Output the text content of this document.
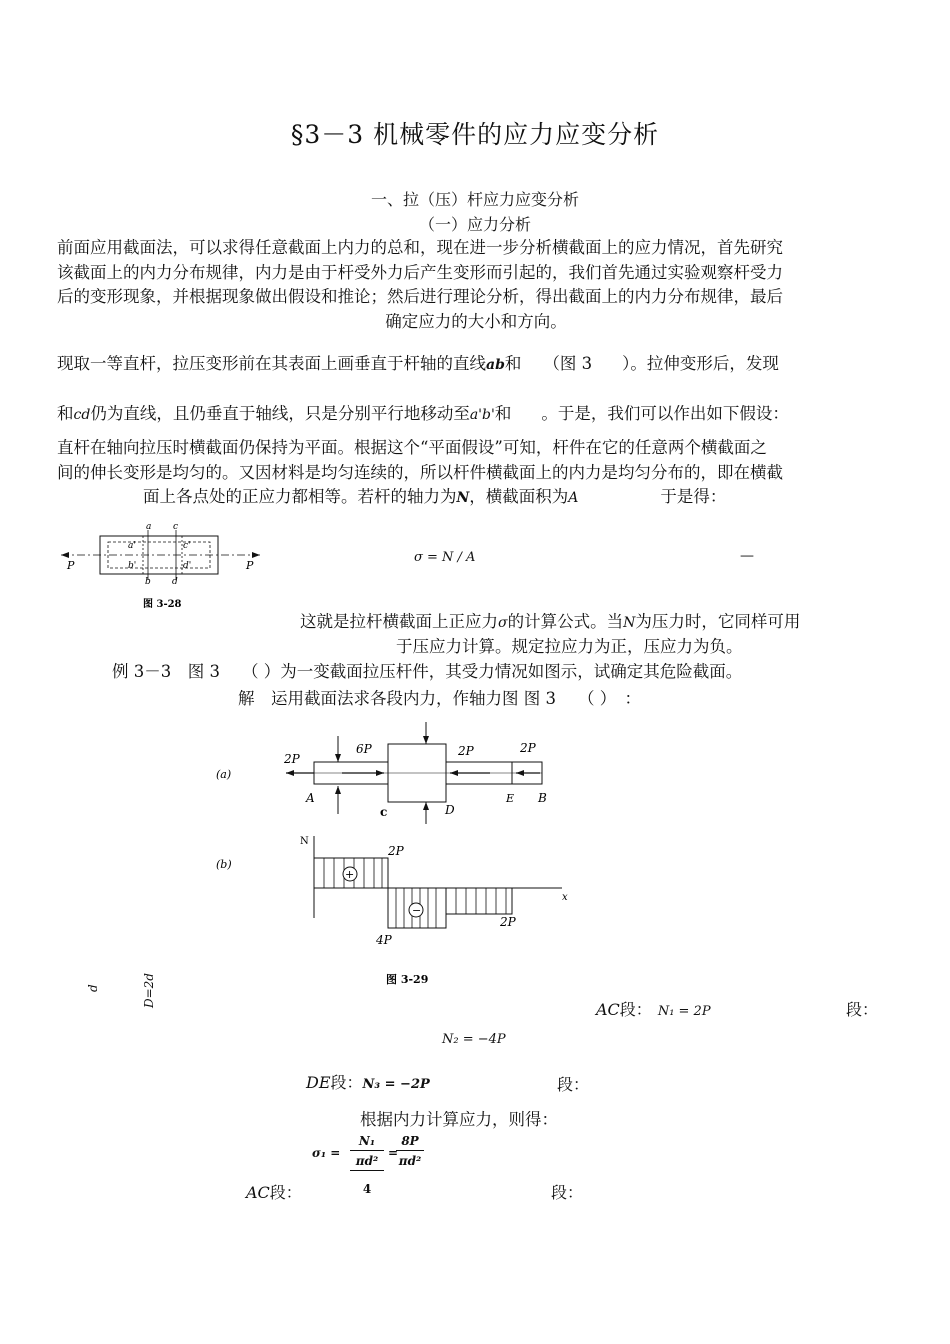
§3－3 机械零件的应力应变分析
一、拉（压）杆应力应变分析
（一）应力分析
前面应用截面法，可以求得任意截面上内力的总和，现在进一步分析横截面上的应力情况，首先研究
该截面上的内力分布规律，内力是由于杆受外力后产生变形而引起的，我们首先通过实验观察杆受力
后的变形现象，并根据现象做出假设和推论；然后进行理论分析，得出截面上的内力分布规律，最后
确定应力的大小和方向。
现取一等直杆，拉压变形前在其表面上画垂直于杆轴的直线ab和 （图 3 ）。拉伸变形后，发现
和cd仍为直线，且仍垂直于轴线，只是分别平行地移动至a'b'和 。于是，我们可以作出如下假设：
直杆在轴向拉压时横截面仍保持为平面。根据这个“平面假设”可知，杆件在它的任意两个横截面之
间的伸长变形是均匀的。又因材料是均匀连续的，所以杆件横截面上的内力是均匀分布的，即在横截
面上各点处的正应力都相等。若杆的轴力为N，横截面积为A	于是得：
P	P
a c
a'	c'
b'	d'
b d
图 3-28
σ = N / A	—
这就是拉杆横截面上正应力σ的计算公式。当N为压力时，它同样可用
于压应力计算。规定拉应力为正，压应力为负。
例 3－3　图 3 （ ）为一变截面拉压杆件，其受力情况如图示，试确定其危险截面。
解　运用截面法求各段内力，作轴力图 图 3 （ ）　：
(a)
2P
6P	2P	2P
A
c	D
E B
(b)
N
x
+
2P
−
4P
2P
图 3-29
d	D=2d
AC段： N₁ = 2P	段：
N₂ = −4P
DE段：N₃ = −2P	段：
根据内力计算应力，则得：
σ₁ =
N₁
πd²
=
8P
πd²
4
AC段：	段：
